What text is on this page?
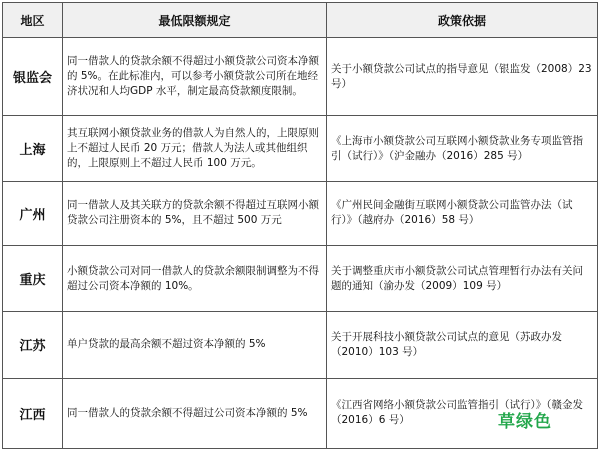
地区	最低限额规定	政策依据
银监会	同一借款人的贷款余额不得超过小额贷款公司资本净额的 5%。在此标准内，可以参考小额贷款公司所在地经济状况和人均GDP 水平，制定最高贷款额度限制。	关于小额贷款公司试点的指导意见（银监发（2008）23 号）
上海	其互联网小额贷款业务的借款人为自然人的，上限原则上不超过人民币 20 万元；借款人为法人或其他组织的，上限原则上不超过人民币 100 万元。	《上海市小额贷款公司互联网小额贷款业务专项监管指引（试行）》（沪金融办（2016）285 号）
广州	同一借款人及其关联方的贷款余额不得超过互联网小额贷款公司注册资本的 5%，且不超过 500 万元	《广州民间金融街互联网小额贷款公司监管办法（试行）》（越府办（2016）58 号）
重庆	小额贷款公司对同一借款人的贷款余额限制调整为不得超过公司资本净额的 10%。	关于调整重庆市小额贷款公司试点管理暂行办法有关问题的通知（渝办发（2009）109 号）
江苏	单户贷款的最高余额不超过资本净额的 5%	关于开展科技小额贷款公司试点的意见（苏政办发（2010）103 号）
江西	同一借款人的贷款余额不得超过公司资本净额的 5%	《江西省网络小额贷款公司监管指引（试行）》（赣金发（2016）6 号）	草绿色
